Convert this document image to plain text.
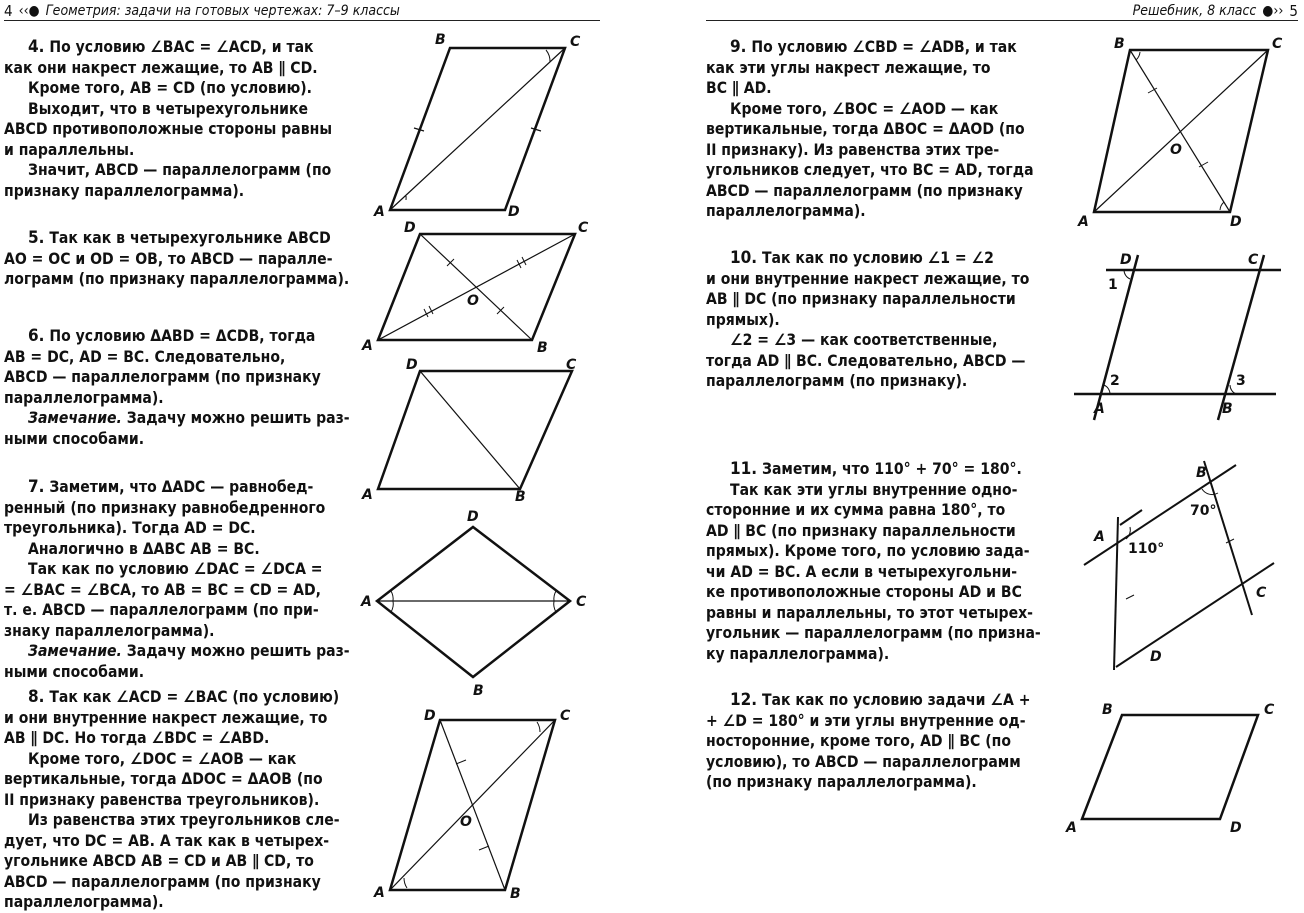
4 ‹‹● Геометрия: задачи на готовых чертежах: 7–9 классы	Решебник, 8 класс ●›› 5

4. По условию ∠BAC = ∠ACD, и так

как они накрест лежащие, то AB ∥ CD.

Кроме того, AB = CD (по условию).

Выходит, что в четырехугольнике

ABCD противоположные стороны равны

и параллельны.

Значит, ABCD — параллелограмм (по

признаку параллелограмма).

A
B	C
D

5. Так как в четырехугольнике ABCD

AO = OC и OD = OB, то ABCD — паралле-

лограмм (по признаку параллелограмма).

A	B
C
D
O

6. По условию ΔABD = ΔCDB, тогда

AB = DC, AD = BC. Следовательно,

ABCD — параллелограмм (по признаку

параллелограмма).

Замечание. Задачу можно решить раз-

ными способами.

A	B
C
D

7. Заметим, что ΔADC — равнобед-

ренный (по признаку равнобедренного

треугольника). Тогда AD = DC.

Аналогично в ΔABC AB = BC.

Так как по условию ∠DAC = ∠DCA =

= ∠BAC = ∠BCA, то AB = BC = CD = AD,

т. е. ABCD — параллелограмм (по при-

знаку параллелограмма).

Замечание. Задачу можно решить раз-

ными способами.

A
B
C
D

8. Так как ∠ACD = ∠BAC (по условию)

и они внутренние накрест лежащие, то

AB ∥ DC. Но тогда ∠BDC = ∠ABD.

Кроме того, ∠DOC = ∠AOB — как

вертикальные, тогда ΔDOC = ΔAOB (по

II признаку равенства треугольников).

Из равенства этих треугольников сле-

дует, что DC = AB. А так как в четырех-

угольнике ABCD AB = CD и AB ∥ CD, то

ABCD — параллелограмм (по признаку

параллелограмма).	A	B
C
D
O

9. По условию ∠CBD = ∠ADB, и так

как эти углы накрест лежащие, то

BC ∥ AD.

Кроме того, ∠BOC = ∠AOD — как

вертикальные, тогда ΔBOC = ΔAOD (по

II признаку). Из равенства этих тре-

угольников следует, что BC = AD, тогда

ABCD — параллелограмм (по признаку

параллелограмма).

A
B	C
D
O

10. Так как по условию ∠1 = ∠2

и они внутренние накрест лежащие, то

AB ∥ DC (по признаку параллельности

прямых).

∠2 = ∠3 — как соответственные,

тогда AD ∥ BC. Следовательно, ABCD —

параллелограмм (по признаку).

D	C
A	B
1
2	3

11. Заметим, что 110° + 70° = 180°.

Так как эти углы внутренние одно-

сторонние и их сумма равна 180°, то

AD ∥ BC (по признаку параллельности

прямых). Кроме того, по условию зада-

чи AD = BC. А если в четырехугольни-

ке противоположные стороны AD и BC

равны и параллельны, то этот четырех-

угольник — параллелограмм (по призна-

ку параллелограмма).

A
B
C
D
110°
70°

12. Так как по условию задачи ∠A +

+ ∠D = 180° и эти углы внутренние од-

носторонние, кроме того, AD ∥ BC (по

условию), то ABCD — параллелограмм

(по признаку параллелограмма).

A
B	C
D
